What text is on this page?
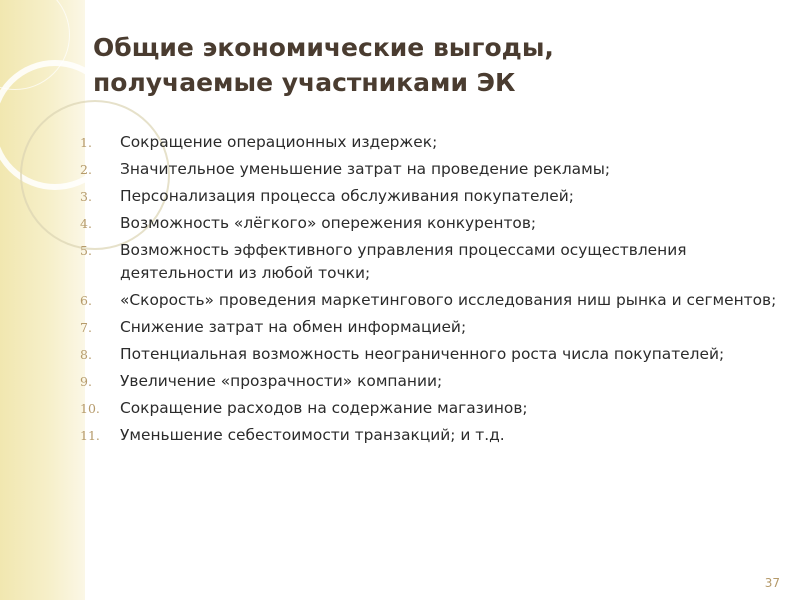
Общие экономические выгоды,
получаемые участниками ЭК
1.	Сокращение операционных издержек;
2.	Значительное уменьшение затрат на проведение рекламы;
3.	Персонализация процесса обслуживания покупателей;
4.	Возможность «лёгкого» опережения конкурентов;
5.	Возможность эффективного управления процессами осуществления деятельности из любой точки;
6.	«Скорость» проведения маркетингового исследования ниш рынка и сегментов;
7.	Снижение затрат на обмен информацией;
8.	Потенциальная возможность неограниченного роста числа покупателей;
9.	Увеличение «прозрачности» компании;
10.	Сокращение расходов на содержание магазинов;
11.	Уменьшение себестоимости транзакций; и т.д.
37
